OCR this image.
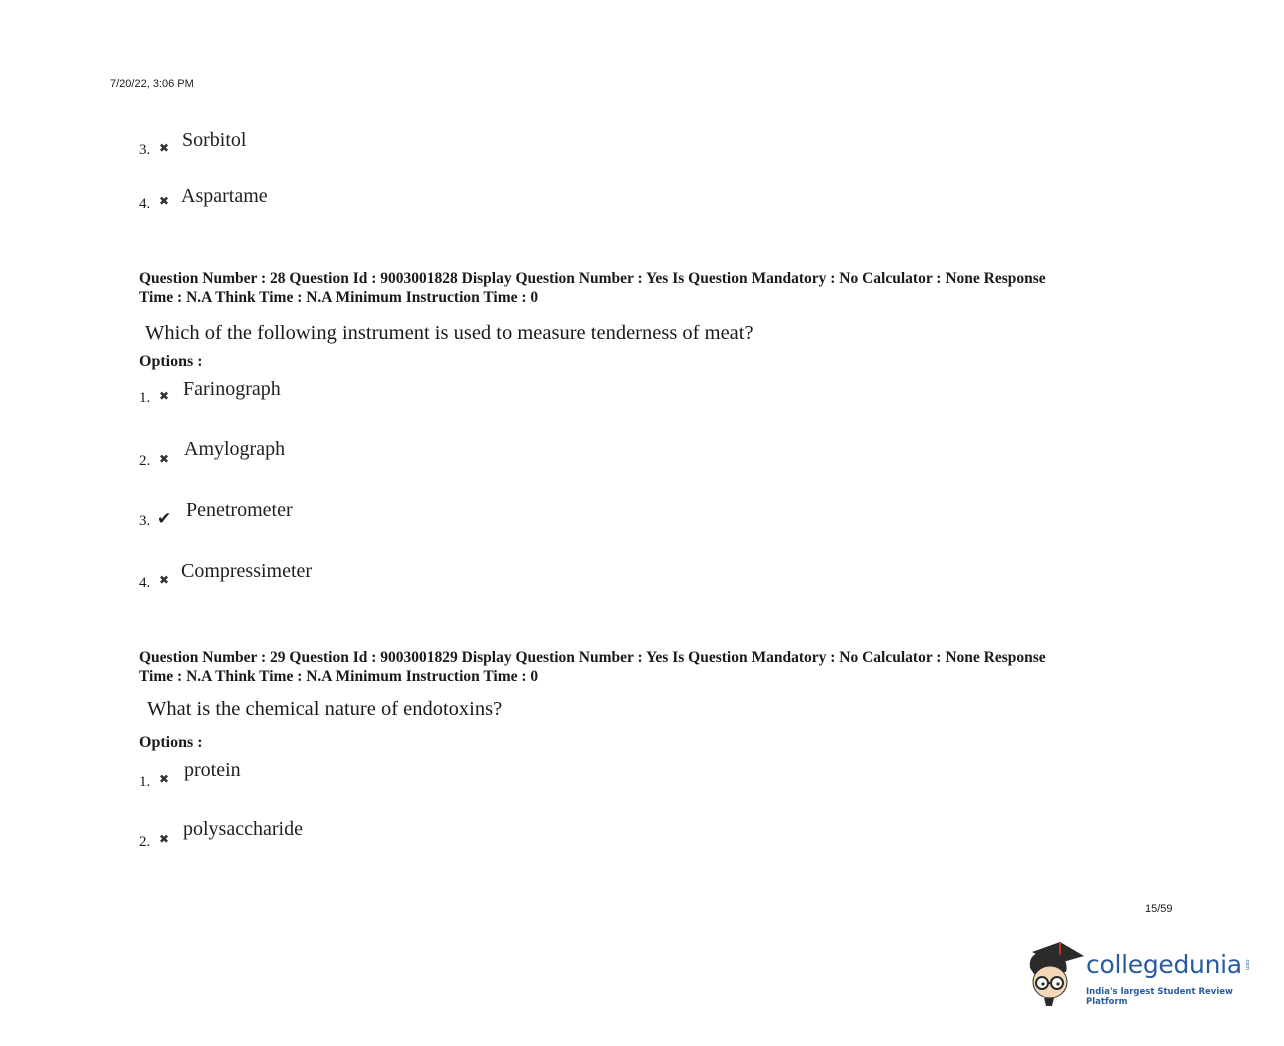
7/20/22, 3:06 PM
3. ✖ Sorbitol
4. ✖ Aspartame
Question Number : 28 Question Id : 9003001828 Display Question Number : Yes Is Question Mandatory : No Calculator : None Response
Time : N.A Think Time : N.A Minimum Instruction Time : 0
Which of the following instrument is used to measure tenderness of meat?
Options :
1. ✖ Farinograph
2. ✖ Amylograph
3. ✔ Penetrometer
4. ✖ Compressimeter
Question Number : 29 Question Id : 9003001829 Display Question Number : Yes Is Question Mandatory : No Calculator : None Response
Time : N.A Think Time : N.A Minimum Instruction Time : 0
What is the chemical nature of endotoxins?
Options :
1. ✖ protein
2. ✖ polysaccharide
15/59
collegedunia .com
India's largest Student Review Platform
